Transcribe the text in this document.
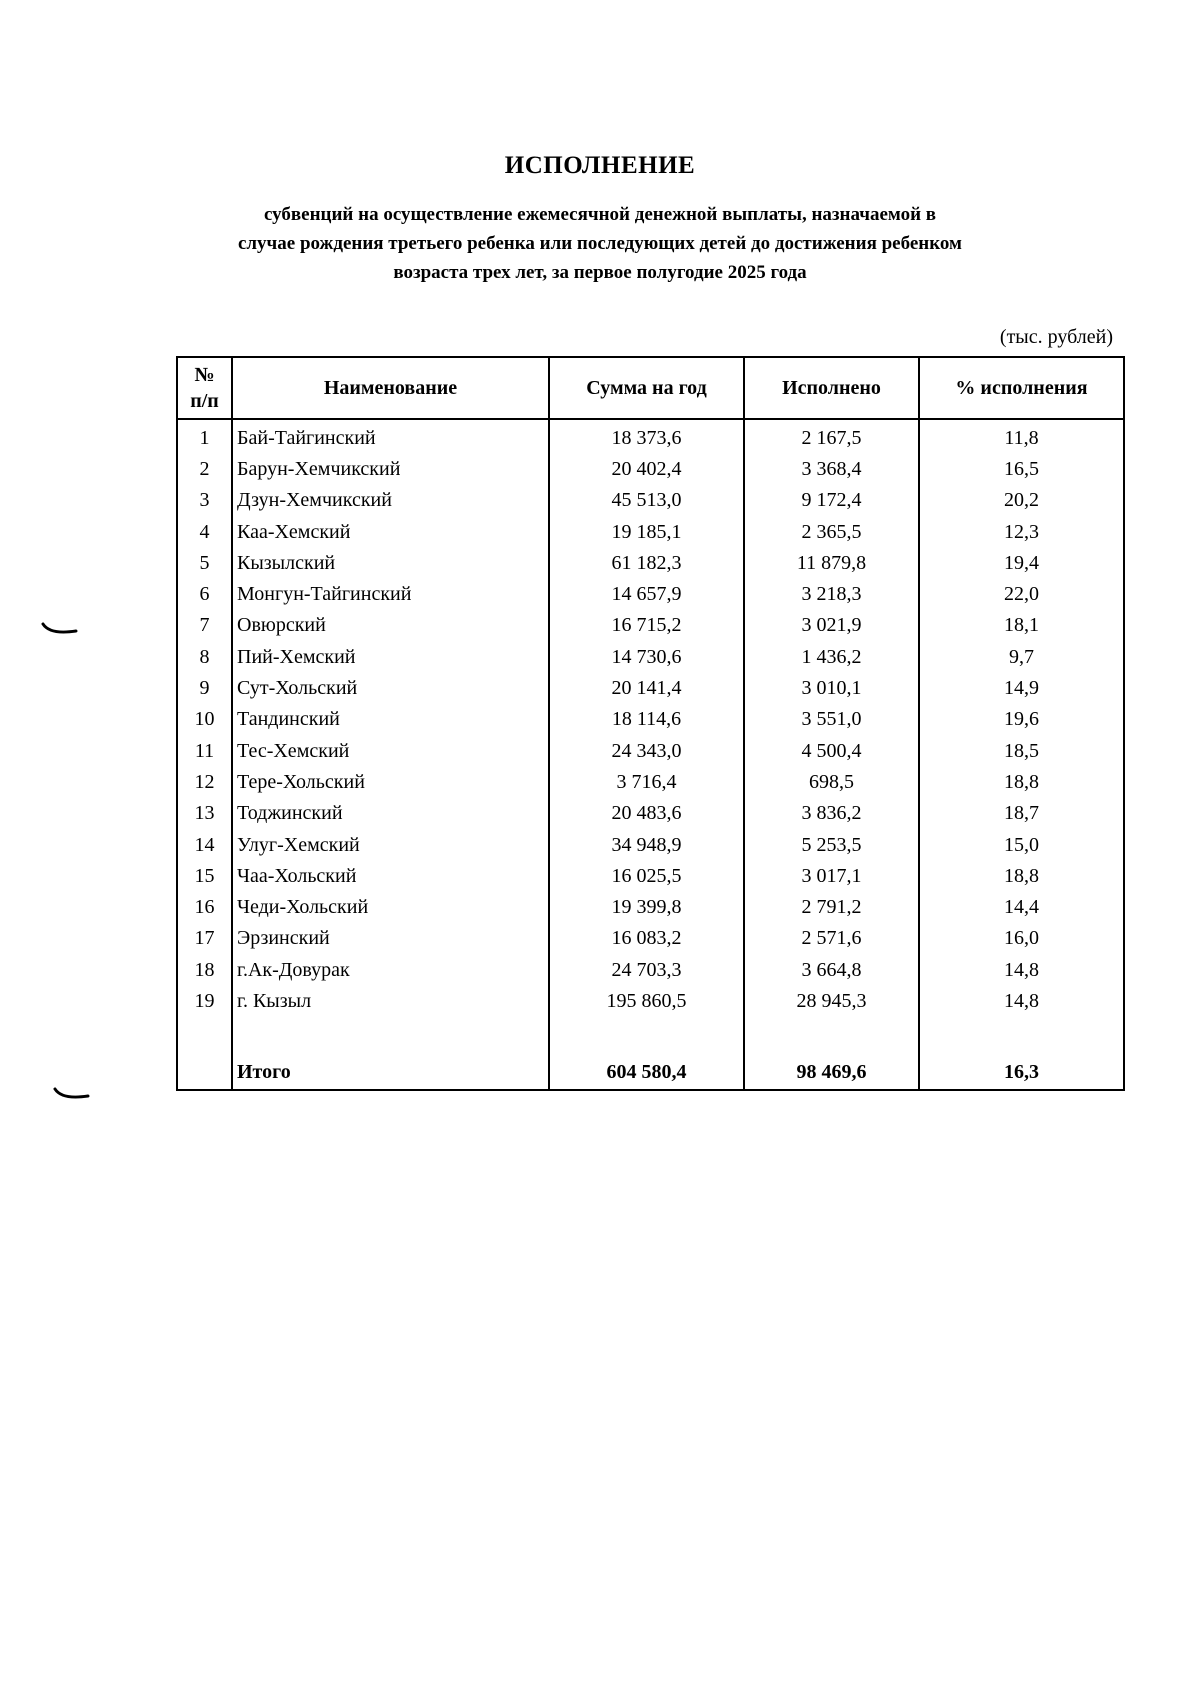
ИСПОЛНЕНИЕ
субвенций на осуществление ежемесячной денежной выплаты, назначаемой в
случае рождения третьего ребенка или последующих детей до достижения ребенком
возраста трех лет, за первое полугодие 2025 года
(тыс. рублей)
№
п/п	Наименование	Сумма на год	Исполнено	% исполнения
1	Бай-Тайгинский	18 373,6	2 167,5	11,8
2	Барун-Хемчикский	20 402,4	3 368,4	16,5
3	Дзун-Хемчикский	45 513,0	9 172,4	20,2
4	Каа-Хемский	19 185,1	2 365,5	12,3
5	Кызылский	61 182,3	11 879,8	19,4
6	Монгун-Тайгинский	14 657,9	3 218,3	22,0
7	Овюрский	16 715,2	3 021,9	18,1
8	Пий-Хемский	14 730,6	1 436,2	9,7
9	Сут-Хольский	20 141,4	3 010,1	14,9
10	Тандинский	18 114,6	3 551,0	19,6
11	Тес-Хемский	24 343,0	4 500,4	18,5
12	Тере-Хольский	3 716,4	698,5	18,8
13	Тоджинский	20 483,6	3 836,2	18,7
14	Улуг-Хемский	34 948,9	5 253,5	15,0
15	Чаа-Хольский	16 025,5	3 017,1	18,8
16	Чеди-Хольский	19 399,8	2 791,2	14,4
17	Эрзинский	16 083,2	2 571,6	16,0
18	г.Ак-Довурак	24 703,3	3 664,8	14,8
19	г. Кызыл	195 860,5	28 945,3	14,8
	Итого	604 580,4	98 469,6	16,3
